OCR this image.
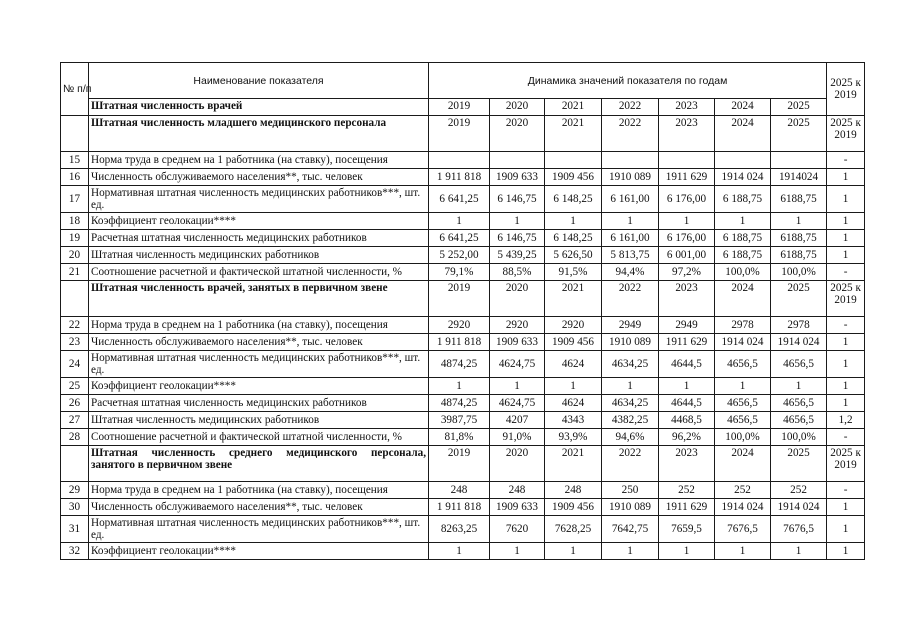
№ п/п	Наименование показателя	Динамика значений показателя по годам							2025 к 2019
	Штатная численность врачей	2019	2020	2021	2022	2023	2024	2025	
	Штатная численность младшего медицинского персонала	2019	2020	2021	2022	2023	2024	2025	2025 к 2019
15	Норма труда в среднем на 1 работника (на ставку), посещения								-
16	Численность обслуживаемого населения**, тыс. человек	1 911 818	1909 633	1909 456	1910 089	1911 629	1914 024	1914024	1
17	Нормативная штатная численность медицинских работников***, шт. ед.	6 641,25	6 146,75	6 148,25	6 161,00	6 176,00	6 188,75	6188,75	1
18	Коэффициент геолокации****	1	1	1	1	1	1	1	1
19	Расчетная штатная численность медицинских работников	6 641,25	6 146,75	6 148,25	6 161,00	6 176,00	6 188,75	6188,75	1
20	Штатная численность медицинских работников	5 252,00	5 439,25	5 626,50	5 813,75	6 001,00	6 188,75	6188,75	1
21	Соотношение расчетной и фактической штатной численности, %	79,1%	88,5%	91,5%	94,4%	97,2%	100,0%	100,0%	-
	Штатная численность врачей, занятых в первичном звене	2019	2020	2021	2022	2023	2024	2025	2025 к 2019
22	Норма труда в среднем на 1 работника (на ставку), посещения	2920	2920	2920	2949	2949	2978	2978	-
23	Численность обслуживаемого населения**, тыс. человек	1 911 818	1909 633	1909 456	1910 089	1911 629	1914 024	1914 024	1
24	Нормативная штатная численность медицинских работников***, шт. ед.	4874,25	4624,75	4624	4634,25	4644,5	4656,5	4656,5	1
25	Коэффициент геолокации****	1	1	1	1	1	1	1	1
26	Расчетная штатная численность медицинских работников	4874,25	4624,75	4624	4634,25	4644,5	4656,5	4656,5	1
27	Штатная численность медицинских работников	3987,75	4207	4343	4382,25	4468,5	4656,5	4656,5	1,2
28	Соотношение расчетной и фактической штатной численности, %	81,8%	91,0%	93,9%	94,6%	96,2%	100,0%	100,0%	-
	Штатная численность среднего медицинского персонала, занятого в первичном звене	2019	2020	2021	2022	2023	2024	2025	2025 к 2019
29	Норма труда в среднем на 1 работника (на ставку), посещения	248	248	248	250	252	252	252	-
30	Численность обслуживаемого населения**, тыс. человек	1 911 818	1909 633	1909 456	1910 089	1911 629	1914 024	1914 024	1
31	Нормативная штатная численность медицинских работников***, шт. ед.	8263,25	7620	7628,25	7642,75	7659,5	7676,5	7676,5	1
32	Коэффициент геолокации****	1	1	1	1	1	1	1	1
